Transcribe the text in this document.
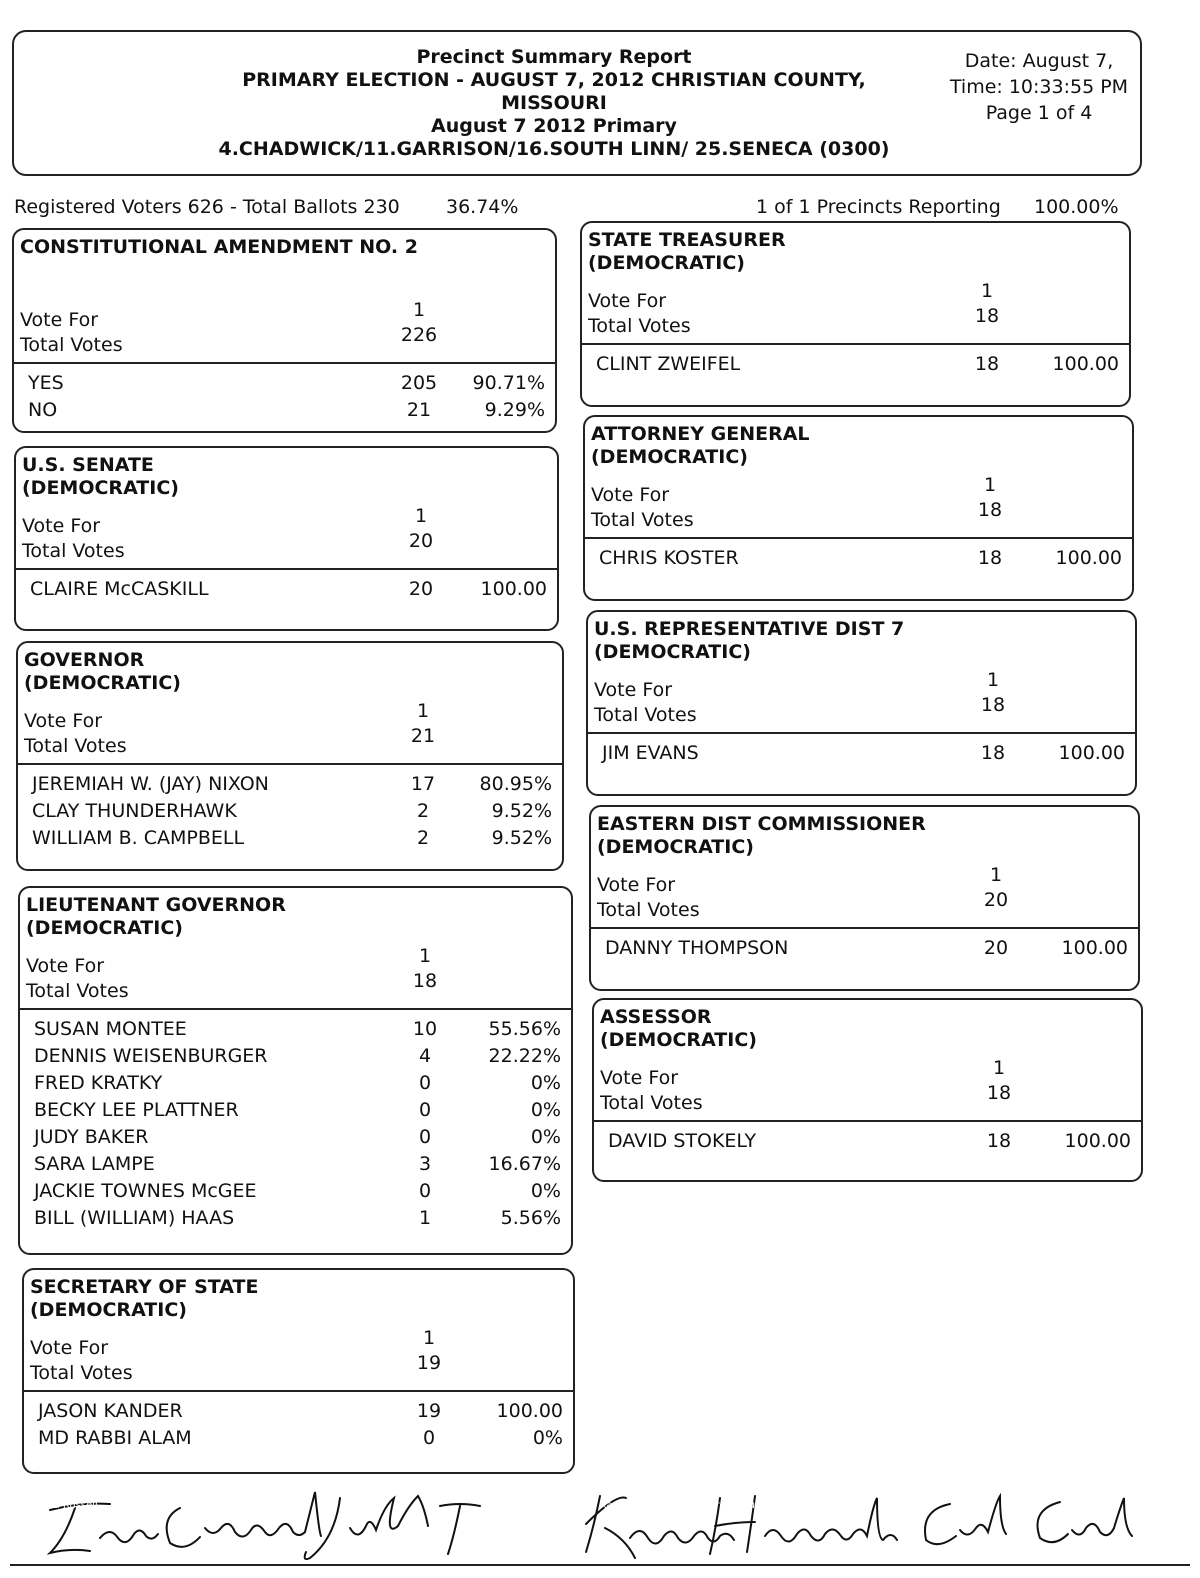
Precinct Summary Report
PRIMARY ELECTION - AUGUST 7, 2012 CHRISTIAN COUNTY,
MISSOURI
August 7 2012 Primary
4.CHADWICK/11.GARRISON/16.SOUTH LINN/ 25.SENECA (0300)
Date: August 7,
Time: 10:33:55 PM
Page 1 of 4
Registered Voters 626 - Total Ballots 230 36.74%	1 of 1 Precincts Reporting 100.00%
CONSTITUTIONAL AMENDMENT NO. 2
Vote For	1
Total Votes	226
YES	205 90.71%
NO	21	9.29%
U.S. SENATE
(DEMOCRATIC)
Vote For	1
Total Votes	20
CLAIRE McCASKILL	20	100.00
GOVERNOR
(DEMOCRATIC)
Vote For	1
Total Votes	21
JEREMIAH W. (JAY) NIXON	17	80.95%
CLAY THUNDERHAWK	2	9.52%
WILLIAM B. CAMPBELL	2	9.52%
LIEUTENANT GOVERNOR
(DEMOCRATIC)
Vote For	1
Total Votes	18
SUSAN MONTEE	10	55.56%
DENNIS WEISENBURGER	4	22.22%
FRED KRATKY	0	0%
BECKY LEE PLATTNER	0	0%
JUDY BAKER	0	0%
SARA LAMPE	3	16.67%
JACKIE TOWNES McGEE	0	0%
BILL (WILLIAM) HAAS	1	5.56%
SECRETARY OF STATE
(DEMOCRATIC)
Vote For	1
Total Votes	19
JASON KANDER	19	100.00
MD RABBI ALAM	0	0%
STATE TREASURER
(DEMOCRATIC)
Vote For	1
Total Votes	18
CLINT ZWEIFEL	18	100.00
ATTORNEY GENERAL
(DEMOCRATIC)
Vote For	1
Total Votes	18
CHRIS KOSTER	18	100.00
U.S. REPRESENTATIVE DIST 7
(DEMOCRATIC)
Vote For	1
Total Votes	18
JIM EVANS	18	100.00
EASTERN DIST COMMISSIONER
(DEMOCRATIC)
Vote For	1
Total Votes	20
DANNY THOMPSON	20	100.00
ASSESSOR
(DEMOCRATIC)
Vote For	1
Total Votes	18
DAVID STOKELY	18	100.00
Lisa Russell	Karren Householder Carla Crouch
